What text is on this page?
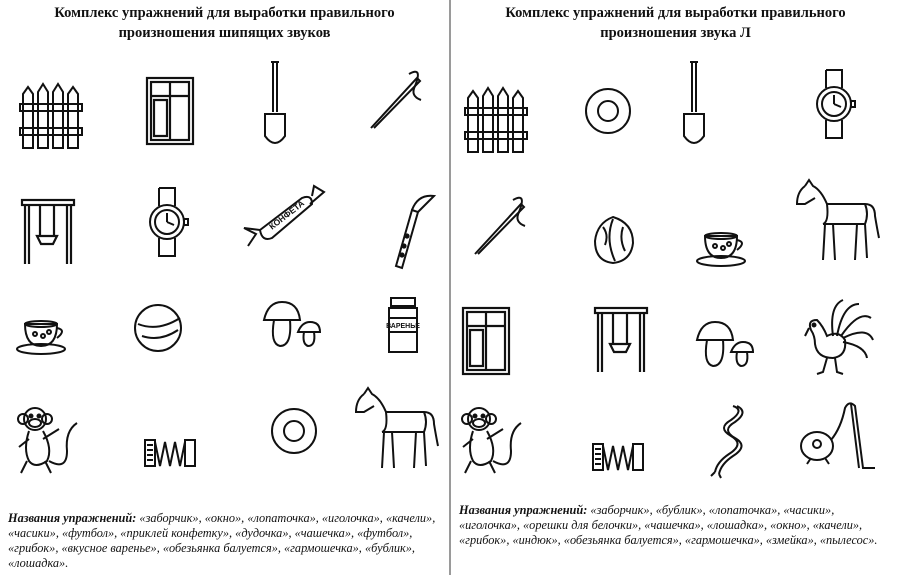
Комплекс упражнений для выработки правильного
произношения шипящих звуков
КОНФЕТА
ВАРЕНЬЕ

Названия упражнений: «заборчик», «окно», «лопаточка», «иголочка», «качели», «часики», «футбол», «приклей конфетку», «дудочка», «чашечка», «футбол», «грибок», «вкусное варенье», «обезьянка балуется», «гармошечка», «бублик», «лошадка».

Комплекс упражнений для выработки правильного
произношения звука Л

Названия упражнений: «заборчик», «бублик», «лопаточка», «часики», «иголочка», «орешки для белочки», «чашечка», «лошадка», «окно», «качели», «грибок», «индюк», «обезьянка балуется», «гармошечка», «змейка», «пылесос».
